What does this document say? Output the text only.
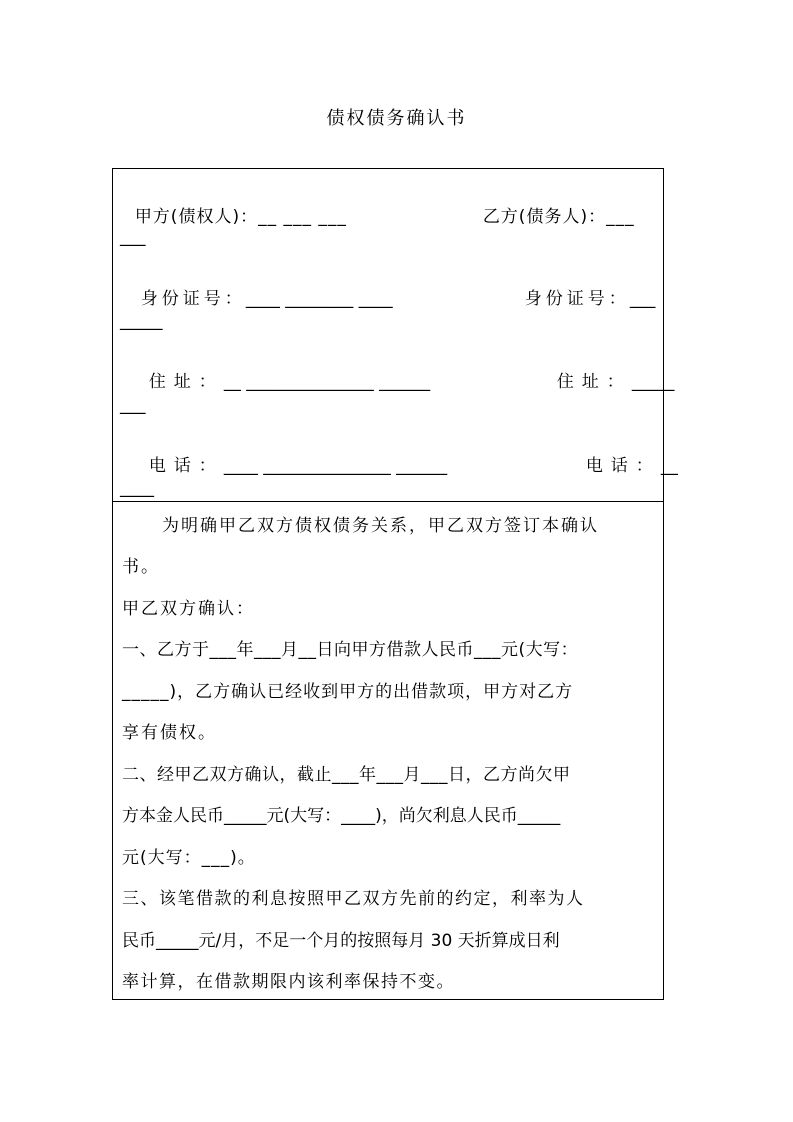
债权债务确认书

甲方(债权人)：__ ___ ___	乙方(债务人)：___

___

身份证号：____ ________ ____	身份证号：___

_____

住址：__ _______________ ______	住址：_____

___

电话：____ _______________ ______	电话：__

____
为明确甲乙双方债权债务关系，甲乙双方签订本确认
书。
甲乙双方确认：
一、乙方于___年___月__日向甲方借款人民币___元(大写：
_____)，乙方确认已经收到甲方的出借款项，甲方对乙方
享有债权。
二、经甲乙双方确认，截止___年___月___日，乙方尚欠甲
方本金人民币_____元(大写：____)，尚欠利息人民币_____
元(大写：___)。
三、该笔借款的利息按照甲乙双方先前的约定，利率为人
民币_____元/月，不足一个月的按照每月 30 天折算成日利
率计算，在借款期限内该利率保持不变。
